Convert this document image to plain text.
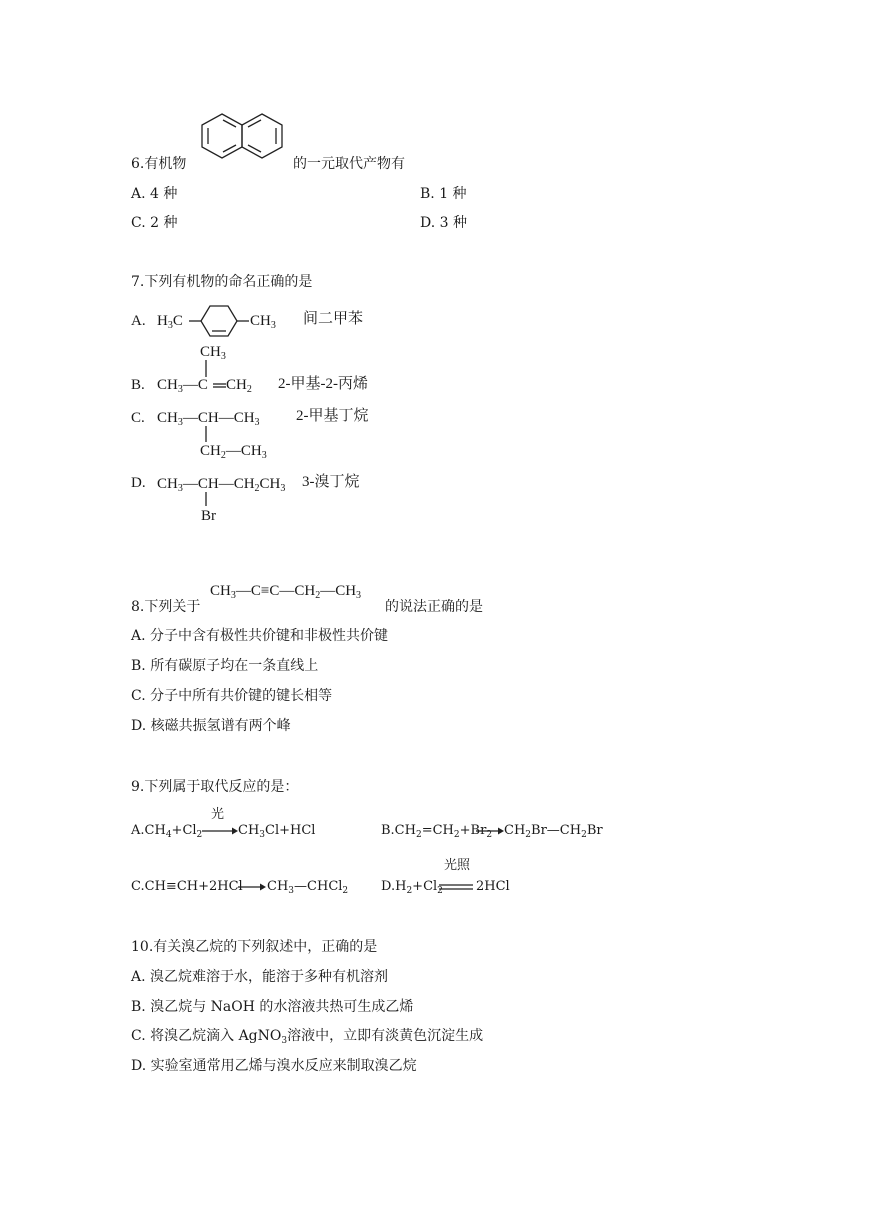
6.有机物	的一元取代产物有
A. 4 种	B. 1 种
C. 2 种	D. 3 种
7.下列有机物的命名正确的是
A. $H_3C$	$CH_3$ 间二甲苯
$CH_3$
B. $CH_3—C$ $CH_2$ 2-甲基-2-丙烯
C. $CH_3—CH—CH_3$
$CH_2—CH_3$
2-甲基丁烷
D. $CH_3—CH—CH_2CH_3$
Br
3-溴丁烷
8.下列关于
$CH_3—C\equiv C—CH_2—CH_3$
的说法正确的是
A. 分子中含有极性共价键和非极性共价键
B. 所有碳原子均在一条直线上
C. 分子中所有共价键的键长相等
D. 核磁共振氢谱有两个峰
9.下列属于取代反应的是：
光
$A.CH_4+Cl_2$	$CH_3Cl+HCl$	$B.CH_2=CH_2+Br_2$ $CH_2Br—CH_2Br$
C.CH≡CH+2HCl $CH_3—CHCl_2$
光照
$D.H_2+Cl_2$	2HCl
10.有关溴乙烷的下列叙述中，正确的是
A. 溴乙烷难溶于水，能溶于多种有机溶剂
B. 溴乙烷与 NaOH 的水溶液共热可生成乙烯
C. 将溴乙烷滴入 AgNO$_3$溶液中，立即有淡黄色沉淀生成
D. 实验室通常用乙烯与溴水反应来制取溴乙烷
